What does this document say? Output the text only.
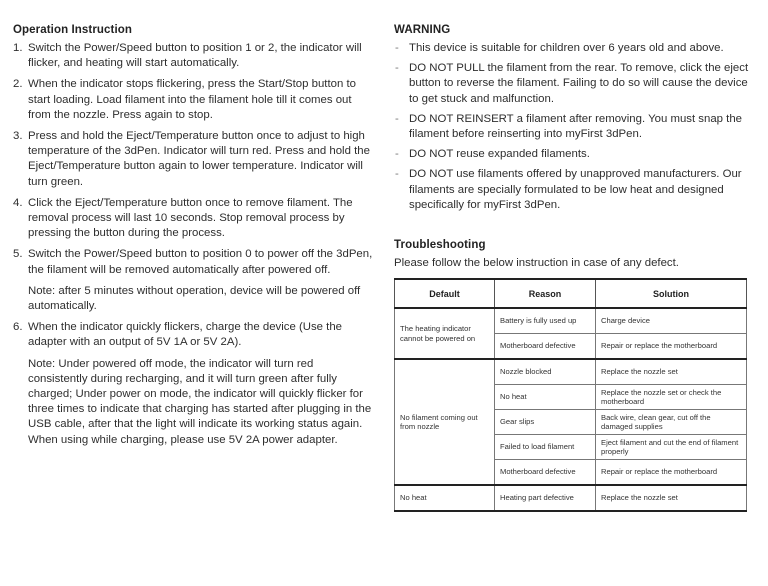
Operation Instruction
1. Switch the Power/Speed button to position 1 or 2, the indicator will flicker, and heating will start automatically.
2. When the indicator stops flickering, press the Start/Stop button to start loading. Load filament into the filament hole till it comes out from the nozzle. Press again to stop.
3. Press and hold the Eject/Temperature button once to adjust to high temperature of the 3dPen. Indicator will turn red. Press and hold the Eject/Temperature button again to lower temperature. Indicator will turn green.
4. Click the Eject/Temperature button once to remove filament. The removal process will last 10 seconds. Stop removal process by pressing the button during the process.
5. Switch the Power/Speed button to position 0 to power off the 3dPen, the filament will be removed automatically after powered off.
Note: after 5 minutes without operation, device will be powered off automatically.
6. When the indicator quickly flickers, charge the device (Use the adapter with an output of 5V 1A or 5V 2A).
Note: Under powered off mode, the indicator will turn red consistently during recharging, and it will turn green after fully charged; Under power on mode, the indicator will quickly flicker for three times to indicate that charging has started after plugging in the USB cable, after that the light will indicate its working status again. When using while charging, please use 5V 2A power adapter.
WARNING
- This device is suitable for children over 6 years old and above.
- DO NOT PULL the filament from the rear. To remove, click the eject button to reverse the filament. Failing to do so will cause the device to get stuck and malfunction.
- DO NOT REINSERT a filament after removing. You must snap the filament before reinserting into myFirst 3dPen.
- DO NOT reuse expanded filaments.
- DO NOT use filaments offered by unapproved manufacturers. Our filaments are specially formulated to be low heat and designed specifically for myFirst 3dPen.
Troubleshooting

Please follow the below instruction in case of any defect.

Default	Reason	Solution
The heating indicator cannot be powered on	Battery is fully used up	Charge device
	Motherboard defective	Repair or replace the motherboard
No filament coming out from nozzle	Nozzle blocked	Replace the nozzle set
	No heat	Replace the nozzle set or check the motherboard
	Gear slips	Back wire, clean gear, cut off the damaged supplies
	Failed to load filament	Eject filament and cut the end of filament properly
	Motherboard defective	Repair or replace the motherboard
No heat	Heating part defective	Replace the nozzle set
